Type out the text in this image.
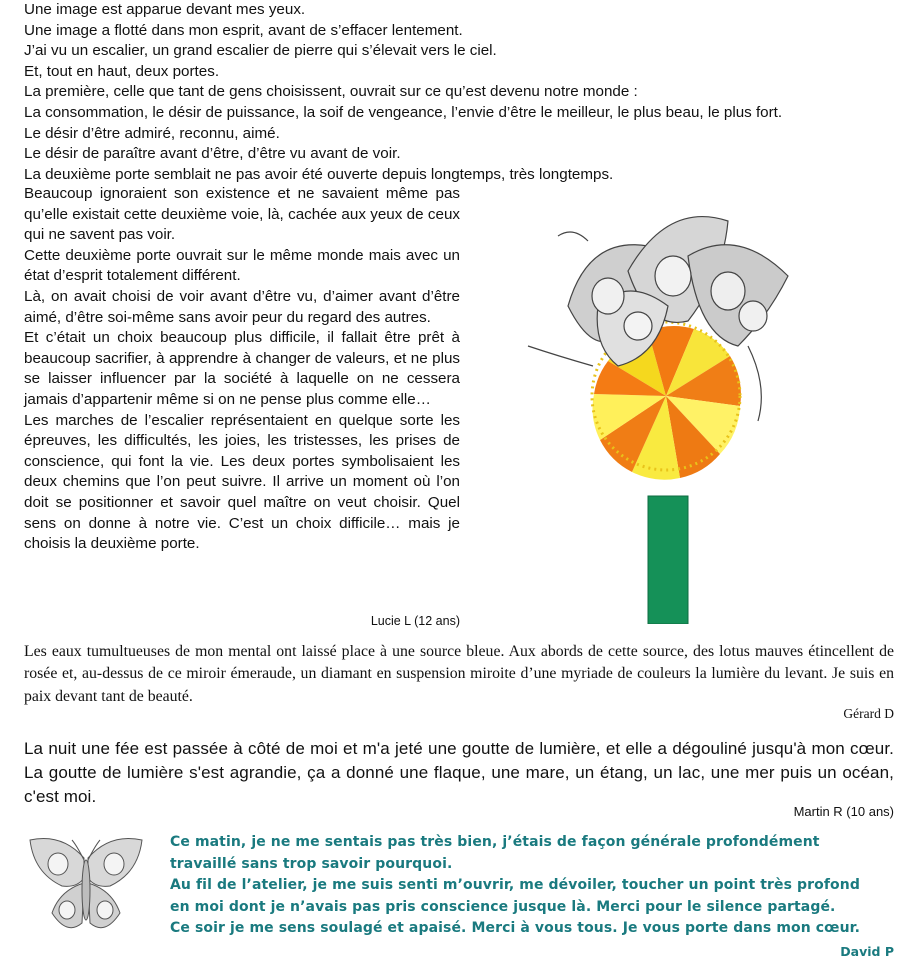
Une image est apparue devant mes yeux.
Une image a flotté dans mon esprit, avant de s’effacer lentement.
J’ai vu un escalier, un grand escalier de pierre qui s’élevait vers le ciel.
Et, tout en haut, deux portes.
La première, celle que tant de gens choisissent, ouvrait sur ce qu’est devenu notre monde :
La consommation, le désir de puissance, la soif de vengeance, l’envie d’être le meilleur, le plus beau, le plus fort.
Le désir d’être admiré, reconnu, aimé.
Le désir de paraître avant d’être, d’être vu avant de voir.
La deuxième porte semblait ne pas avoir été ouverte depuis longtemps, très longtemps.

Beaucoup ignoraient son existence et ne savaient même pas qu’elle existait cette deuxième voie, là, cachée aux yeux de ceux qui ne savent pas voir.

Cette deuxième porte ouvrait sur le même monde mais avec un état d’esprit totalement différent.

Là, on avait choisi de voir avant d’être vu, d’aimer avant d’être aimé, d’être soi-même sans avoir peur du regard des autres.

Et c’était un choix beaucoup plus difficile, il fallait être prêt à beaucoup sacrifier, à apprendre à changer de valeurs, et ne plus se laisser influencer par la société à laquelle on ne cessera jamais d’appartenir même si on ne pense plus comme elle…

Les marches de l’escalier représentaient en quelque sorte les épreuves, les difficultés, les joies, les tristesses, les prises de conscience, qui font la vie. Les deux portes symbolisaient les deux chemins que l’on peut suivre. Il arrive un moment où l’on doit se positionner et savoir quel maître on veut choisir. Quel sens on donne à notre vie. C’est un choix difficile… mais je choisis la deuxième porte.

Lucie L (12 ans)

Les eaux tumultueuses de mon mental ont laissé place à une source bleue. Aux abords de cette source, des lotus mauves étincellent de rosée et, au-dessus de ce miroir émeraude, un diamant en suspension miroite d’une myriade de couleurs la lumière du levant. Je suis en paix devant tant de beauté.

Gérard D

La nuit une fée est passée à côté de moi et m'a jeté une goutte de lumière, et elle a dégouliné jusqu'à mon cœur. La goutte de lumière s'est agrandie, ça a donné une flaque, une mare, un étang, un lac, une mer puis un océan, c'est moi.

Martin R (10 ans)
Ce matin, je ne me sentais pas très bien, j’étais de façon générale profondément
travaillé sans trop savoir pourquoi.
Au fil de l’atelier, je me suis senti m’ouvrir, me dévoiler, toucher un point très profond
en moi dont je n’avais pas pris conscience jusque là. Merci pour le silence partagé.
Ce soir je me sens soulagé et apaisé. Merci à vous tous. Je vous porte dans mon cœur.
David P
